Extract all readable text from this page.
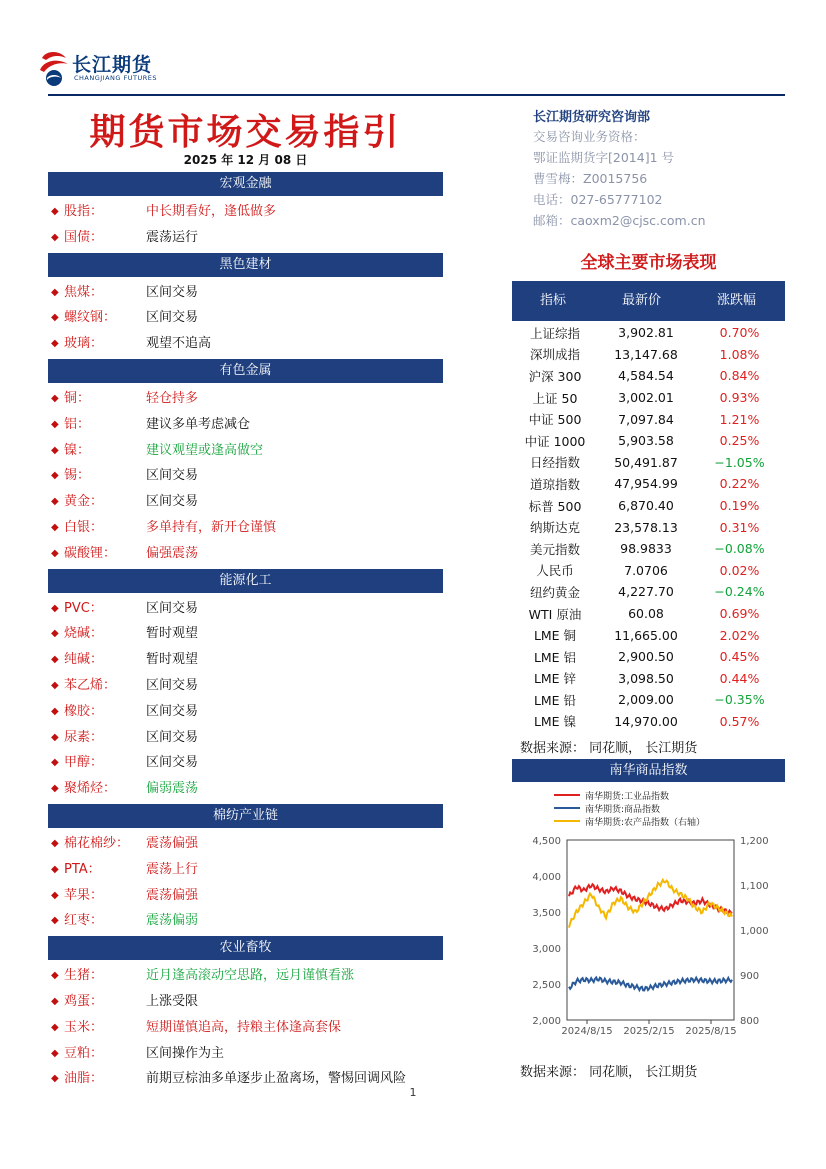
长江期货
CHANGJIANG FUTURES
期货市场交易指引
2025 年 12 月 08 日
宏观金融
◆ 股指：	中长期看好，逢低做多
◆ 国债：	震荡运行
黑色建材
◆ 焦煤：	区间交易
◆ 螺纹钢： 区间交易
◆ 玻璃：	观望不追高
有色金属
◆ 铜：	轻仓持多
◆ 铝：	建议多单考虑减仓
◆ 镍：	建议观望或逢高做空
◆ 锡：	区间交易
◆ 黄金：	区间交易
◆ 白银：	多单持有，新开仓谨慎
◆ 碳酸锂： 偏强震荡
能源化工
◆ PVC：	区间交易
◆ 烧碱：	暂时观望
◆ 纯碱：	暂时观望
◆ 苯乙烯： 区间交易
◆ 橡胶：	区间交易
◆ 尿素：	区间交易
◆ 甲醇：	区间交易
◆ 聚烯烃： 偏弱震荡
棉纺产业链
◆ 棉花棉纱： 震荡偏强
◆ PTA：	震荡上行
◆ 苹果：	震荡偏强
◆ 红枣：	震荡偏弱
农业畜牧
◆ 生猪：	近月逢高滚动空思路，远月谨慎看涨
◆ 鸡蛋：	上涨受限
◆ 玉米：	短期谨慎追高，持粮主体逢高套保
◆ 豆粕：	区间操作为主
◆ 油脂：	前期豆棕油多单逐步止盈离场，警惕回调风险
长江期货研究咨询部
交易咨询业务资格：
鄂证监期货字[2014]1 号
曹雪梅：Z0015756
电话：027-65777102
邮箱：caoxm2@cjsc.com.cn
全球主要市场表现
指标	最新价	涨跌幅
上证综指	3,902.81	0.70%
深圳成指	13,147.68	1.08%
沪深 300	4,584.54	0.84%
上证 50	3,002.01	0.93%
中证 500	7,097.84	1.21%
中证 1000	5,903.58	0.25%
日经指数	50,491.87	−1.05%
道琼指数	47,954.99	0.22%
标普 500	6,870.40	0.19%
纳斯达克	23,578.13	0.31%
美元指数	98.9833	−0.08%
人民币	7.0706	0.02%
纽约黄金	4,227.70	−0.24%
WTI 原油	60.08	0.69%
LME 铜	11,665.00	2.02%
LME 铝	2,900.50	0.45%
LME 锌	3,098.50	0.44%
LME 铅	2,009.00	−0.35%
LME 镍	14,970.00	0.57%
数据来源： 同花顺， 长江期货
南华商品指数
南华期货:工业品指数
南华期货:商品指数
南华期货:农产品指数（右轴）
2,000
2,500
3,000
3,500
4,000
4,500
800
900
1,000
1,100
1,200
2024/8/15 2025/2/15 2025/8/15
数据来源： 同花顺， 长江期货
1
